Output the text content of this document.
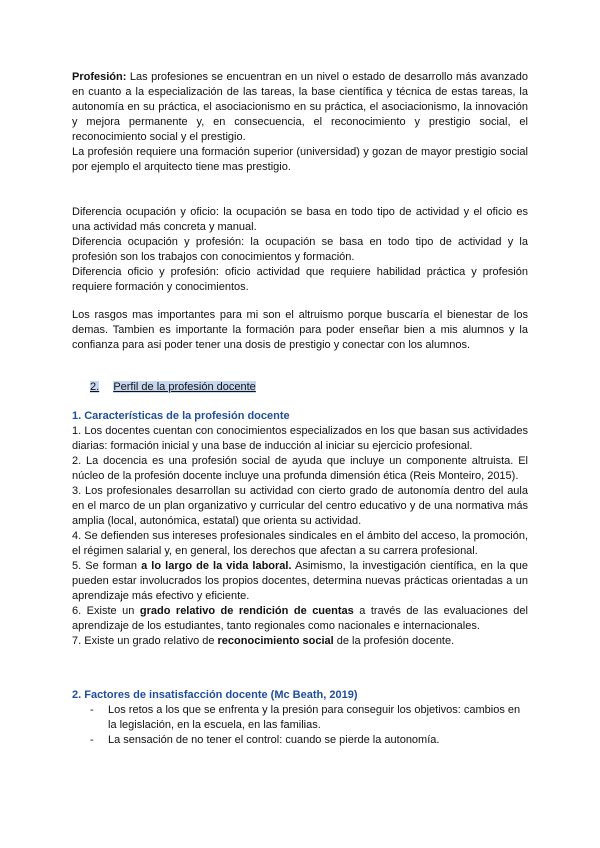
Profesión: Las profesiones se encuentran en un nivel o estado de desarrollo más avanzado en cuanto a la especialización de las tareas, la base científica y técnica de estas tareas, la autonomía en su práctica, el asociacionismo en su práctica, el asociacionismo, la innovación y mejora permanente y, en consecuencia, el reconocimiento y prestigio social, el reconocimiento social y el prestigio.

La profesión requiere una formación superior (universidad) y gozan de mayor prestigio social por ejemplo el arquitecto tiene mas prestigio.

Diferencia ocupación y oficio: la ocupación se basa en todo tipo de actividad y el oficio es una actividad más concreta y manual.

Diferencia ocupación y profesión: la ocupación se basa en todo tipo de actividad y la profesión son los trabajos con conocimientos y formación.

Diferencia oficio y profesión: oficio actividad que requiere habilidad práctica y profesión requiere formación y conocimientos.

Los rasgos mas importantes para mi son el altruismo porque buscaría el bienestar de los demas. Tambien es importante la formación para poder enseñar bien a mis alumnos y la confianza para asi poder tener una dosis de prestigio y conectar con los alumnos.

2. Perfil de la profesión docente

1. Características de la profesión docente

1. Los docentes cuentan con conocimientos especializados en los que basan sus actividades diarias: formación inicial y una base de inducción al iniciar su ejercicio profesional.

2. La docencia es una profesión social de ayuda que incluye un componente altruista. El núcleo de la profesión docente incluye una profunda dimensión ética (Reis Monteiro, 2015).

3. Los profesionales desarrollan su actividad con cierto grado de autonomía dentro del aula en el marco de un plan organizativo y curricular del centro educativo y de una normativa más amplia (local, autonómica, estatal) que orienta su actividad.

4. Se defienden sus intereses profesionales sindicales en el ámbito del acceso, la promoción, el régimen salarial y, en general, los derechos que afectan a su carrera profesional.

5. Se forman a lo largo de la vida laboral. Asimismo, la investigación científica, en la que pueden estar involucrados los propios docentes, determina nuevas prácticas orientadas a un aprendizaje más efectivo y eficiente.

6. Existe un grado relativo de rendición de cuentas a través de las evaluaciones del aprendizaje de los estudiantes, tanto regionales como nacionales e internacionales.

7. Existe un grado relativo de reconocimiento social de la profesión docente.

2. Factores de insatisfacción docente (Mc Beath, 2019)

- Los retos a los que se enfrenta y la presión para conseguir los objetivos: cambios en la legislación, en la escuela, en las familias.
- La sensación de no tener el control: cuando se pierde la autonomía.
